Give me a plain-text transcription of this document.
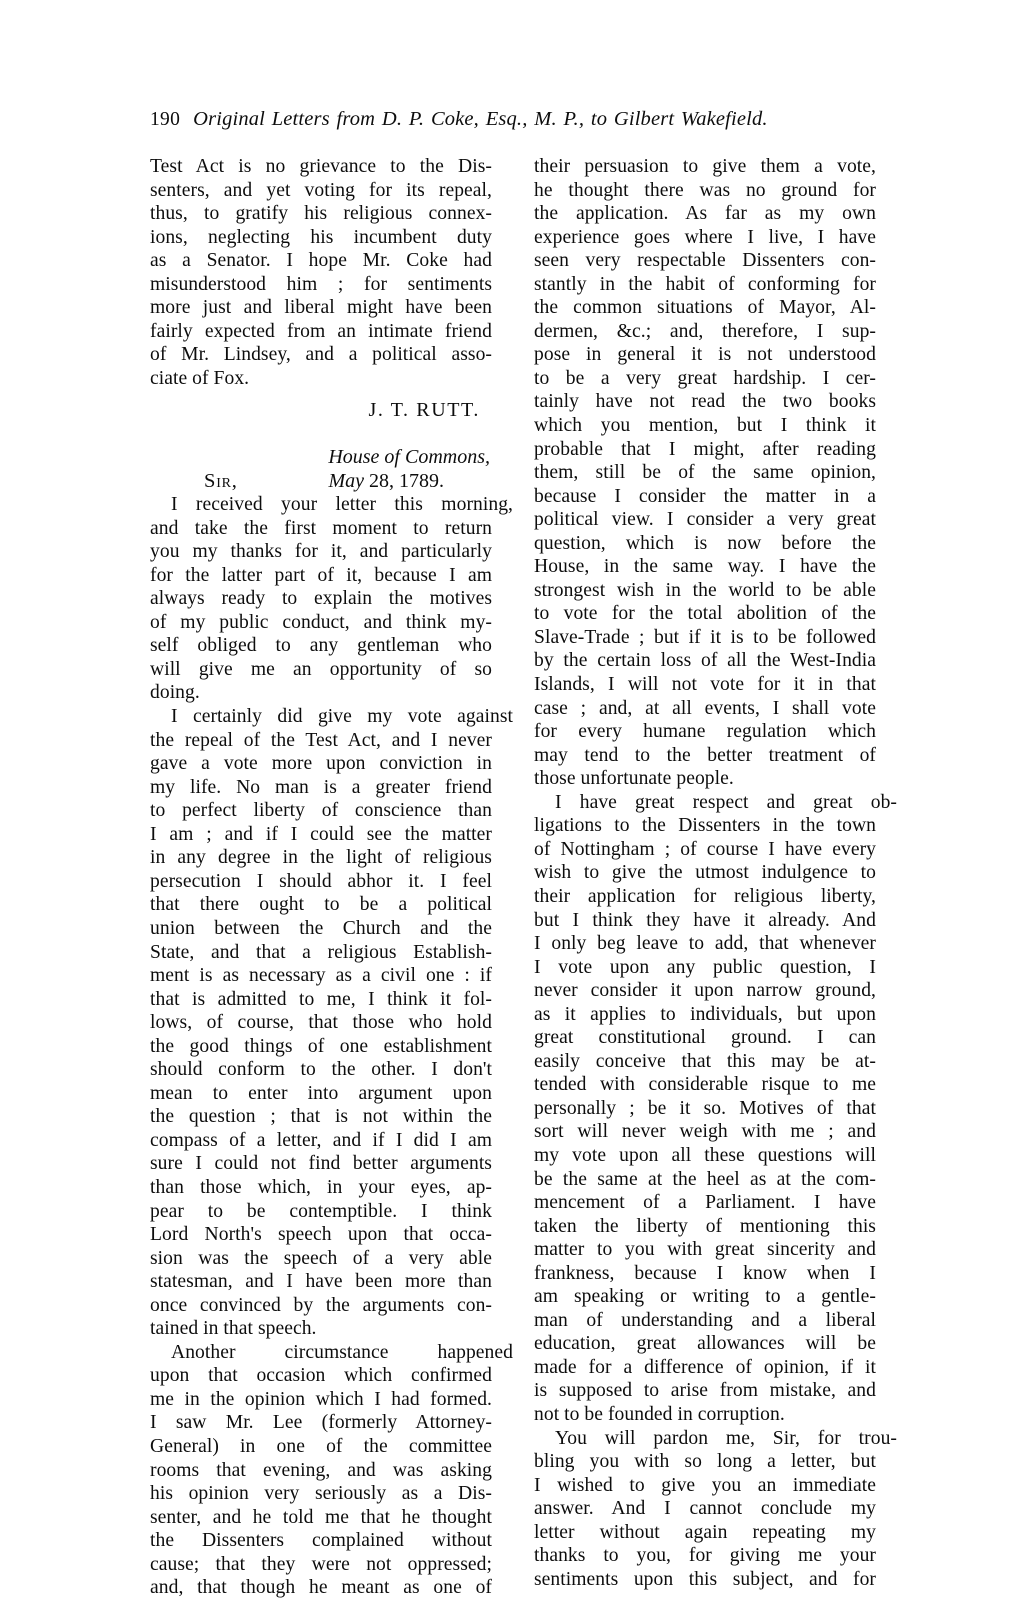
190 Original Letters from D. P. Coke, Esq., M. P., to Gilbert Wakefield.

Test Act is no grievance to the Dis-
senters, and yet voting for its repeal,
thus, to gratify his religious connex-
ions, neglecting his incumbent duty
as a Senator. I hope Mr. Coke had
misunderstood him ; for sentiments
more just and liberal might have been
fairly expected from an intimate friend
of Mr. Lindsey, and a political asso-
ciate of Fox.

J. T. RUTT.

House of Commons,
Sir,	May 28, 1789.

I received your letter this morning,
and take the first moment to return
you my thanks for it, and particularly
for the latter part of it, because I am
always ready to explain the motives
of my public conduct, and think my-
self obliged to any gentleman who
will give me an opportunity of so
doing.

I certainly did give my vote against
the repeal of the Test Act, and I never
gave a vote more upon conviction in
my life. No man is a greater friend
to perfect liberty of conscience than
I am ; and if I could see the matter
in any degree in the light of religious
persecution I should abhor it. I feel
that there ought to be a political
union between the Church and the
State, and that a religious Establish-
ment is as necessary as a civil one : if
that is admitted to me, I think it fol-
lows, of course, that those who hold
the good things of one establishment
should conform to the other. I don't
mean to enter into argument upon
the question ; that is not within the
compass of a letter, and if I did I am
sure I could not find better arguments
than those which, in your eyes, ap-
pear to be contemptible. I think
Lord North's speech upon that occa-
sion was the speech of a very able
statesman, and I have been more than
once convinced by the arguments con-
tained in that speech.

Another circumstance happened
upon that occasion which confirmed
me in the opinion which I had formed.
I saw Mr. Lee (formerly Attorney-
General) in one of the committee
rooms that evening, and was asking
his opinion very seriously as a Dis-
senter, and he told me that he thought
the Dissenters complained without
cause; that they were not oppressed;
and, that though he meant as one of

their persuasion to give them a vote,
he thought there was no ground for
the application. As far as my own
experience goes where I live, I have
seen very respectable Dissenters con-
stantly in the habit of conforming for
the common situations of Mayor, Al-
dermen, &c.; and, therefore, I sup-
pose in general it is not understood
to be a very great hardship. I cer-
tainly have not read the two books
which you mention, but I think it
probable that I might, after reading
them, still be of the same opinion,
because I consider the matter in a
political view. I consider a very great
question, which is now before the
House, in the same way. I have the
strongest wish in the world to be able
to vote for the total abolition of the
Slave-Trade ; but if it is to be followed
by the certain loss of all the West-India
Islands, I will not vote for it in that
case ; and, at all events, I shall vote
for every humane regulation which
may tend to the better treatment of
those unfortunate people.

I have great respect and great ob-
ligations to the Dissenters in the town
of Nottingham ; of course I have every
wish to give the utmost indulgence to
their application for religious liberty,
but I think they have it already. And
I only beg leave to add, that whenever
I vote upon any public question, I
never consider it upon narrow ground,
as it applies to individuals, but upon
great constitutional ground. I can
easily conceive that this may be at-
tended with considerable risque to me
personally ; be it so. Motives of that
sort will never weigh with me ; and
my vote upon all these questions will
be the same at the heel as at the com-
mencement of a Parliament. I have
taken the liberty of mentioning this
matter to you with great sincerity and
frankness, because I know when I
am speaking or writing to a gentle-
man of understanding and a liberal
education, great allowances will be
made for a difference of opinion, if it
is supposed to arise from mistake, and
not to be founded in corruption.

You will pardon me, Sir, for trou-
bling you with so long a letter, but
I wished to give you an immediate
answer. And I cannot conclude my
letter without again repeating my
thanks to you, for giving me your
sentiments upon this subject, and for
